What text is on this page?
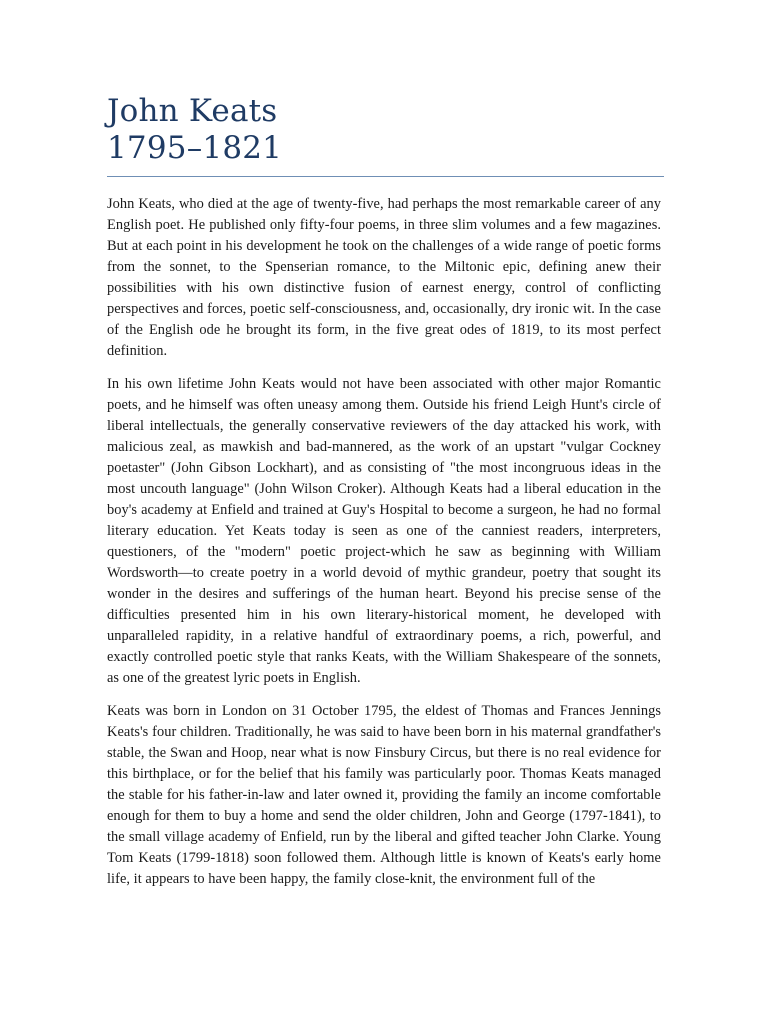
John Keats
1795–1821

John Keats, who died at the age of twenty-five, had perhaps the most remarkable career of any English poet. He published only fifty-four poems, in three slim volumes and a few magazines. But at each point in his development he took on the challenges of a wide range of poetic forms from the sonnet, to the Spenserian romance, to the Miltonic epic, defining anew their possibilities with his own distinctive fusion of earnest energy, control of conflicting perspectives and forces, poetic self-consciousness, and, occasionally, dry ironic wit. In the case of the English ode he brought its form, in the five great odes of 1819, to its most perfect definition.

In his own lifetime John Keats would not have been associated with other major Romantic poets, and he himself was often uneasy among them. Outside his friend Leigh Hunt's circle of liberal intellectuals, the generally conservative reviewers of the day attacked his work, with malicious zeal, as mawkish and bad-mannered, as the work of an upstart "vulgar Cockney poetaster" (John Gibson Lockhart), and as consisting of "the most incongruous ideas in the most uncouth language" (John Wilson Croker). Although Keats had a liberal education in the boy's academy at Enfield and trained at Guy's Hospital to become a surgeon, he had no formal literary education. Yet Keats today is seen as one of the canniest readers, interpreters, questioners, of the "modern" poetic project-which he saw as beginning with William Wordsworth—to create poetry in a world devoid of mythic grandeur, poetry that sought its wonder in the desires and sufferings of the human heart. Beyond his precise sense of the difficulties presented him in his own literary-historical moment, he developed with unparalleled rapidity, in a relative handful of extraordinary poems, a rich, powerful, and exactly controlled poetic style that ranks Keats, with the William Shakespeare of the sonnets, as one of the greatest lyric poets in English.

Keats was born in London on 31 October 1795, the eldest of Thomas and Frances Jennings Keats's four children. Traditionally, he was said to have been born in his maternal grandfather's stable, the Swan and Hoop, near what is now Finsbury Circus, but there is no real evidence for this birthplace, or for the belief that his family was particularly poor. Thomas Keats managed the stable for his father-in-law and later owned it, providing the family an income comfortable enough for them to buy a home and send the older children, John and George (1797-1841), to the small village academy of Enfield, run by the liberal and gifted teacher John Clarke. Young Tom Keats (1799-1818) soon followed them. Although little is known of Keats's early home life, it appears to have been happy, the family close-knit, the environment full of the
